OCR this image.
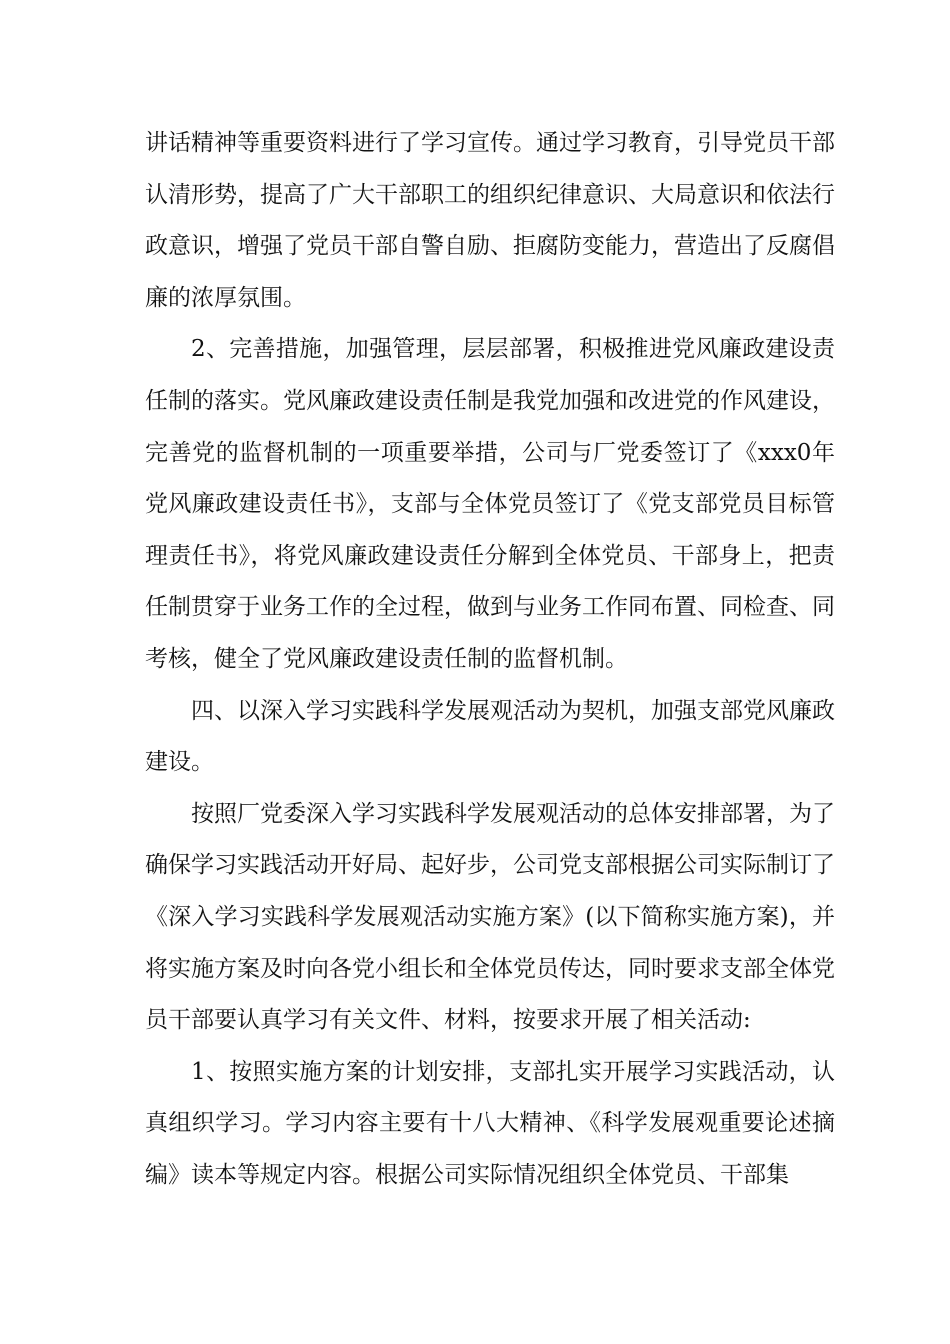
讲话精神等重要资料进行了学习宣传。通过学习教育，引导党员干部认清形势，提高了广大干部职工的组织纪律意识、大局意识和依法行政意识，增强了党员干部自警自励、拒腐防变能力，营造出了反腐倡廉的浓厚氛围。

2、完善措施，加强管理，层层部署，积极推进党风廉政建设责任制的落实。党风廉政建设责任制是我党加强和改进党的作风建设，完善党的监督机制的一项重要举措，公司与厂党委签订了《xxx0年党风廉政建设责任书》，支部与全体党员签订了《党支部党员目标管理责任书》，将党风廉政建设责任分解到全体党员、干部身上，把责任制贯穿于业务工作的全过程，做到与业务工作同布置、同检查、同考核，健全了党风廉政建设责任制的监督机制。

四、以深入学习实践科学发展观活动为契机，加强支部党风廉政建设。

按照厂党委深入学习实践科学发展观活动的总体安排部署，为了确保学习实践活动开好局、起好步，公司党支部根据公司实际制订了《深入学习实践科学发展观活动实施方案》(以下简称实施方案)，并将实施方案及时向各党小组长和全体党员传达，同时要求支部全体党员干部要认真学习有关文件、材料，按要求开展了相关活动:

1、按照实施方案的计划安排，支部扎实开展学习实践活动，认真组织学习。学习内容主要有十八大精神、《科学发展观重要论述摘编》读本等规定内容。根据公司实际情况组织全体党员、干部集
